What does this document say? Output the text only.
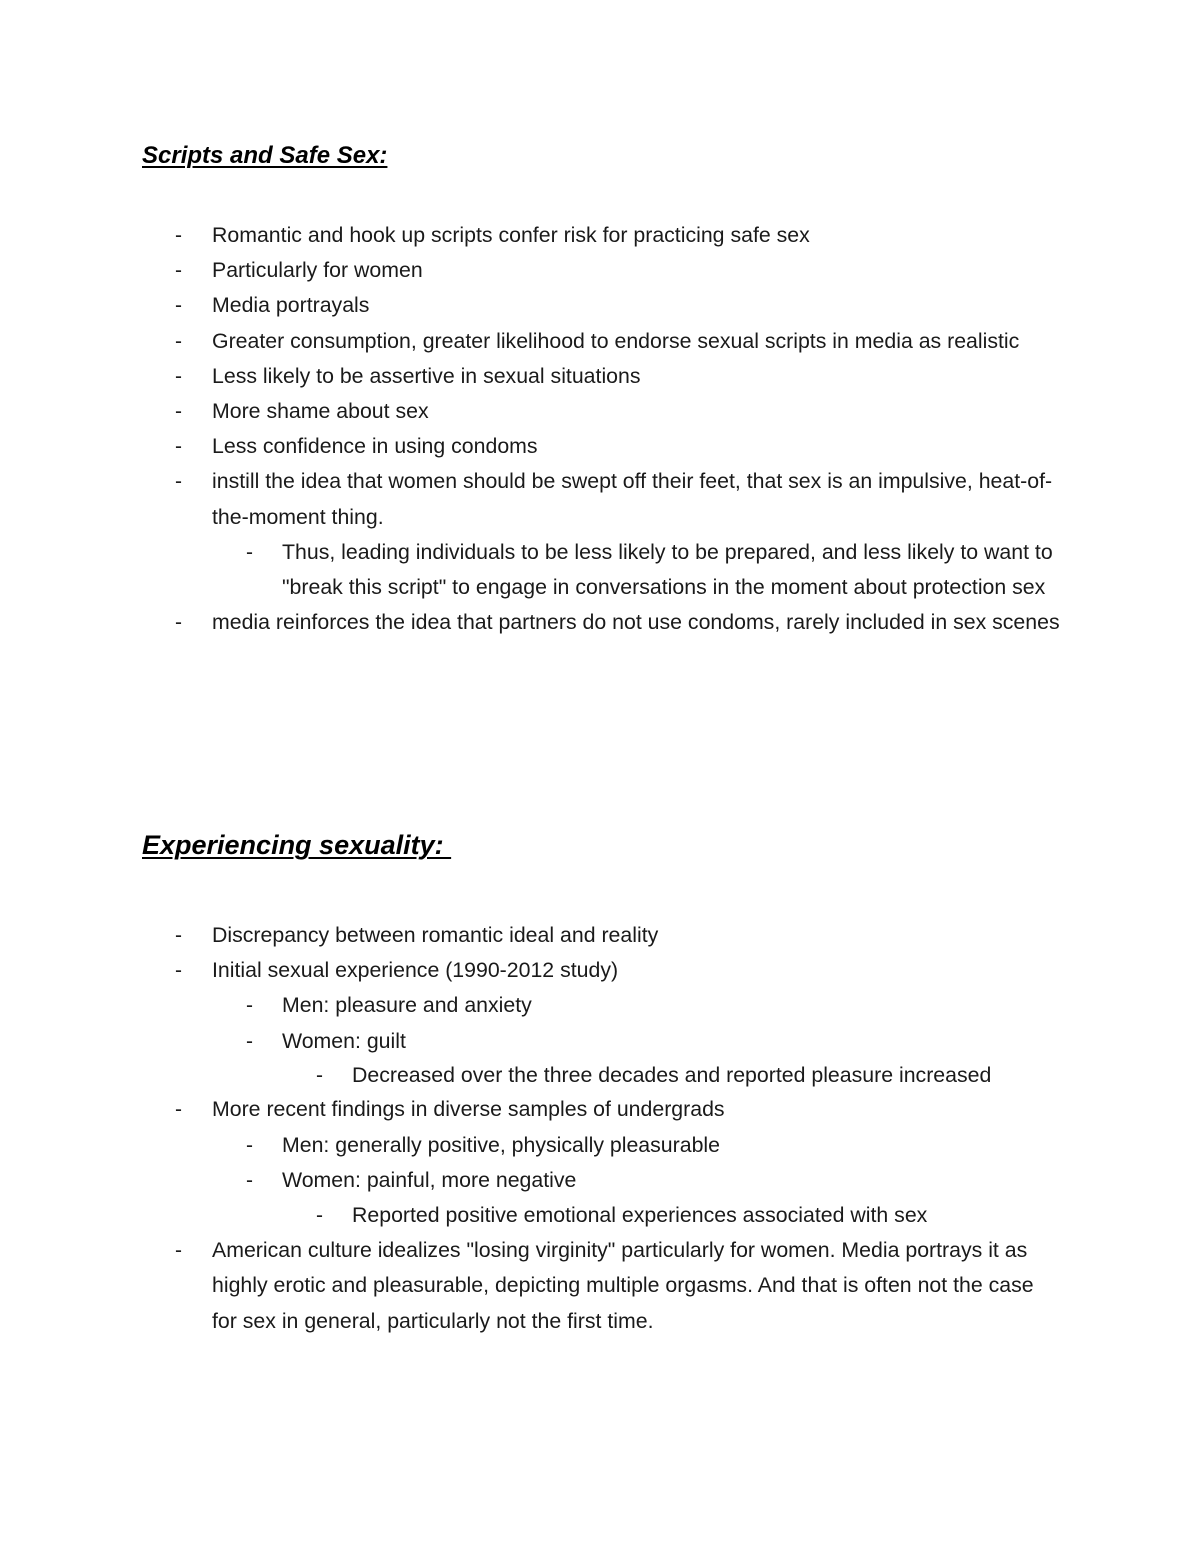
Scripts and Safe Sex:
- Romantic and hook up scripts confer risk for practicing safe sex
- Particularly for women
- Media portrayals
- Greater consumption, greater likelihood to endorse sexual scripts in media as realistic
- Less likely to be assertive in sexual situations
- More shame about sex
- Less confidence in using condoms
- instill the idea that women should be swept off their feet, that sex is an impulsive, heat-of-the-moment thing.
- Thus, leading individuals to be less likely to be prepared, and less likely to want to "break this script" to engage in conversations in the moment about protection sex
- media reinforces the idea that partners do not use condoms, rarely included in sex scenes
Experiencing sexuality:
- Discrepancy between romantic ideal and reality
- Initial sexual experience (1990-2012 study)
- Men: pleasure and anxiety
- Women: guilt
- Decreased over the three decades and reported pleasure increased
- More recent findings in diverse samples of undergrads
- Men: generally positive, physically pleasurable
- Women: painful, more negative
- Reported positive emotional experiences associated with sex
- American culture idealizes "losing virginity" particularly for women. Media portrays it as highly erotic and pleasurable, depicting multiple orgasms. And that is often not the case for sex in general, particularly not the first time.
